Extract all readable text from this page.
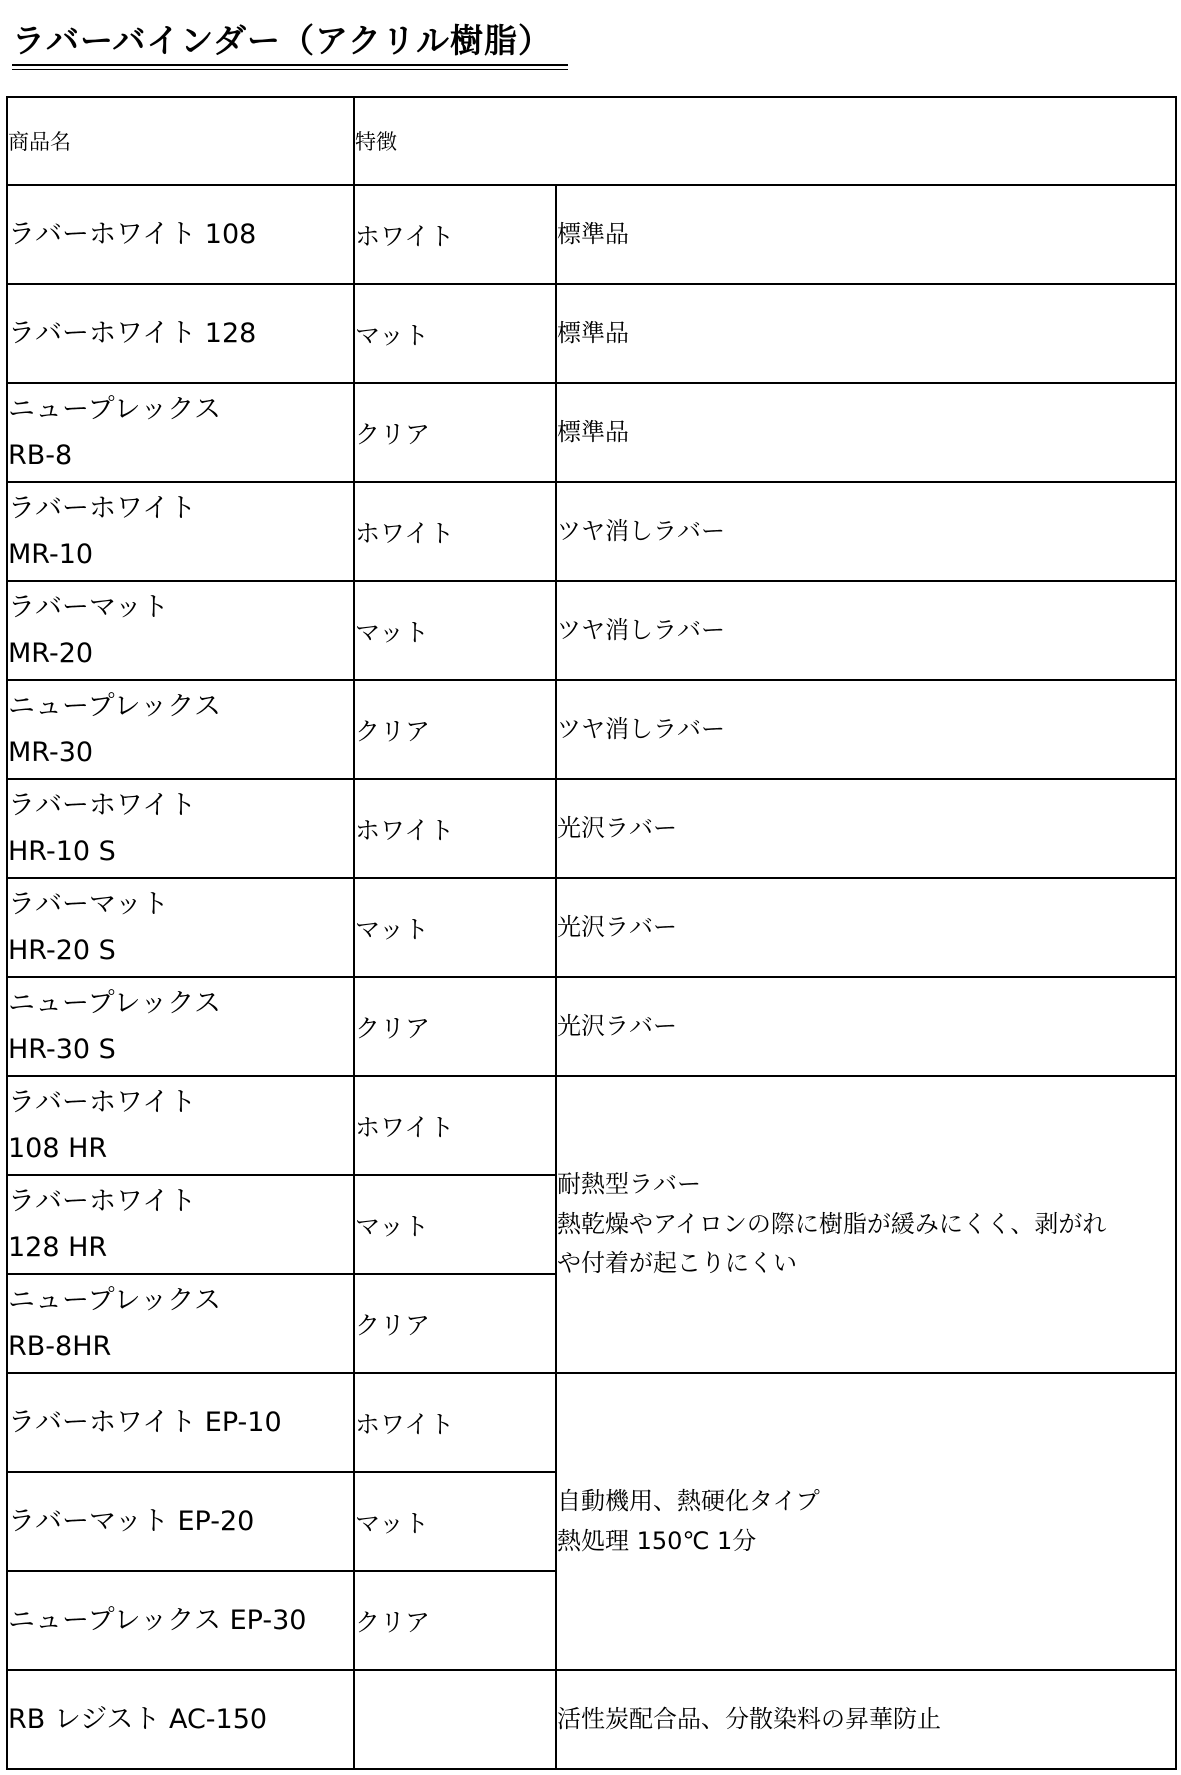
ラバーバインダー（アクリル樹脂）
商品名	特徴	
ラバーホワイト 108	ホワイト	標準品
ラバーホワイト 128	マット	標準品
ニュープレックス
RB-8	クリア	標準品
ラバーホワイト
MR-10	ホワイト	ツヤ消しラバー
ラバーマット
MR-20	マット	ツヤ消しラバー
ニュープレックス
MR-30	クリア	ツヤ消しラバー
ラバーホワイト
HR-10 S	ホワイト	光沢ラバー
ラバーマット
HR-20 S	マット	光沢ラバー
ニュープレックス
HR-30 S	クリア	光沢ラバー
ラバーホワイト
108 HR	ホワイト	耐熱型ラバー
熱乾燥やアイロンの際に樹脂が緩みにくく、剥がれ
や付着が起こりにくい
ラバーホワイト
128 HR	マット	
ニュープレックス
RB-8HR	クリア	
ラバーホワイト EP-10	ホワイト	自動機用、熱硬化タイプ
熱処理 150℃ 1分
ラバーマット EP-20	マット	
ニュープレックス EP-30	クリア	
RB レジスト AC-150		活性炭配合品、分散染料の昇華防止
